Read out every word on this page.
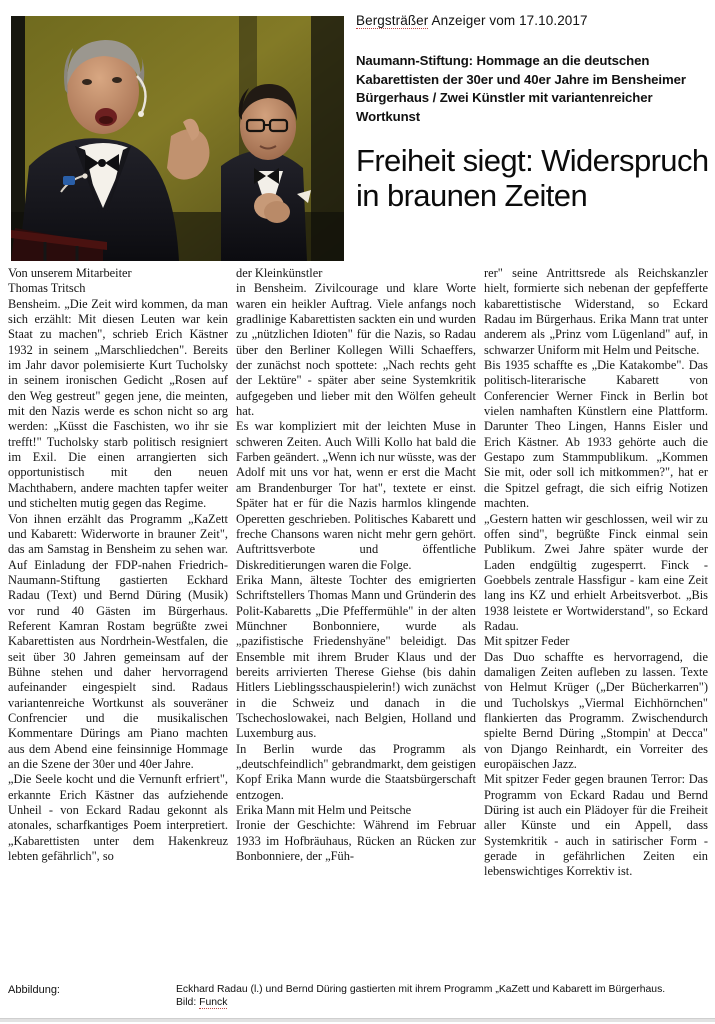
Bergsträßer Anzeiger vom 17.10.2017
Naumann-Stiftung: Hommage an die deutschen Kabarettisten der 30er und 40er Jahre im Bensheimer Bürgerhaus / Zwei Künstler mit variantenreicher Wortkunst
Freiheit siegt: Widerspruch in braunen Zeiten

Von unserem Mitarbeiter

Thomas Tritsch

Bensheim. „Die Zeit wird kommen, da man sich erzählt: Mit diesen Leuten war kein Staat zu machen", schrieb Erich Kästner 1932 in seinem „Marschliedchen". Bereits im Jahr davor polemisierte Kurt Tucholsky in seinem ironischen Gedicht „Rosen auf den Weg gestreut" gegen jene, die meinten, mit den Nazis werde es schon nicht so arg werden: „Küsst die Faschisten, wo ihr sie trefft!" Tucholsky starb politisch resigniert im Exil. Die einen arrangierten sich opportunistisch mit den neuen Machthabern, andere machten tapfer weiter und stichelten mutig gegen das Regime.

Von ihnen erzählt das Programm „KaZett und Kabarett: Widerworte in brauner Zeit", das am Samstag in Bensheim zu sehen war. Auf Einladung der FDP-nahen Friedrich-Naumann-Stiftung gastierten Eckhard Radau (Text) und Bernd Düring (Musik) vor rund 40 Gästen im Bürgerhaus. Referent Kamran Rostam begrüßte zwei Kabarettisten aus Nordrhein-Westfalen, die seit über 30 Jahren gemeinsam auf der Bühne stehen und daher hervorragend aufeinander eingespielt sind. Radaus variantenreiche Wortkunst als souveräner Confrencier und die musikalischen Kommentare Dürings am Piano machten aus dem Abend eine feinsinnige Hommage an die Szene der 30er und 40er Jahre.

„Die Seele kocht und die Vernunft erfriert", erkannte Erich Kästner das aufziehende Unheil - von Eckard Radau gekonnt als atonales, scharfkantiges Poem interpretiert. „Kabarettisten unter dem Hakenkreuz lebten gefährlich", so

der Kleinkünstler

in Bensheim. Zivilcourage und klare Worte waren ein heikler Auftrag. Viele anfangs noch gradlinige Kabarettisten sackten ein und wurden zu „nützlichen Idioten" für die Nazis, so Radau über den Berliner Kollegen Willi Schaeffers, der zunächst noch spottete: „Nach rechts geht der Lektüre" - später aber seine Systemkritik aufgegeben und lieber mit den Wölfen geheult hat.

Es war kompliziert mit der leichten Muse in schweren Zeiten. Auch Willi Kollo hat bald die Farben geändert. „Wenn ich nur wüsste, was der Adolf mit uns vor hat, wenn er erst die Macht am Brandenburger Tor hat", textete er einst. Später hat er für die Nazis harmlos klingende Operetten geschrieben. Politisches Kabarett und freche Chansons waren nicht mehr gern gehört. Auftrittsverbote und öffentliche Diskreditierungen waren die Folge.

Erika Mann, älteste Tochter des emigrierten Schriftstellers Thomas Mann und Gründerin des Polit-Kabaretts „Die Pfeffermühle" in der alten Münchner Bonbonniere, wurde als „pazifistische Friedenshyäne" beleidigt. Das Ensemble mit ihrem Bruder Klaus und der bereits arrivierten Therese Giehse (bis dahin Hitlers Lieblingsschauspielerin!) wich zunächst in die Schweiz und danach in die Tschechoslowakei, nach Belgien, Holland und Luxemburg aus.

In Berlin wurde das Programm als „deutschfeindlich" gebrandmarkt, dem geistigen Kopf Erika Mann wurde die Staatsbürgerschaft entzogen.

Erika Mann mit Helm und Peitsche

Ironie der Geschichte: Während im Februar 1933 im Hofbräuhaus, Rücken an Rücken zur Bonbonniere, der „Füh-

rer" seine Antrittsrede als Reichskanzler hielt, formierte sich nebenan der gepfefferte kabarettistische Widerstand, so Eckard Radau im Bürgerhaus. Erika Mann trat unter anderem als „Prinz vom Lügenland" auf, in schwarzer Uniform mit Helm und Peitsche.

Bis 1935 schaffte es „Die Katakombe". Das politisch-literarische Kabarett von Conferencier Werner Finck in Berlin bot vielen namhaften Künstlern eine Plattform. Darunter Theo Lingen, Hanns Eisler und Erich Kästner. Ab 1933 gehörte auch die Gestapo zum Stammpublikum. „Kommen Sie mit, oder soll ich mitkommen?", hat er die Spitzel gefragt, die sich eifrig Notizen machten.

„Gestern hatten wir geschlossen, weil wir zu offen sind", begrüßte Finck einmal sein Publikum. Zwei Jahre später wurde der Laden endgültig zugesperrt. Finck - Goebbels zentrale Hassfigur - kam eine Zeit lang ins KZ und erhielt Arbeitsverbot. „Bis 1938 leistete er Wortwiderstand", so Eckard Radau.

Mit spitzer Feder

Das Duo schaffte es hervorragend, die damaligen Zeiten aufleben zu lassen. Texte von Helmut Krüger („Der Bücherkarren") und Tucholskys „Viermal Eichhörnchen" flankierten das Programm. Zwischendurch spielte Bernd Düring „Stompin' at Decca" von Django Reinhardt, ein Vorreiter des europäischen Jazz.

Mit spitzer Feder gegen braunen Terror: Das Programm von Eckard Radau und Bernd Düring ist auch ein Plädoyer für die Freiheit aller Künste und ein Appell, dass Systemkritik - auch in satirischer Form - gerade in gefährlichen Zeiten ein lebenswichtiges Korrektiv ist.

Abbildung:	Eckhard Radau (l.) und Bernd Düring gastierten mit ihrem Programm „KaZett und Kabarett im Bürgerhaus.
Bild: Funck
